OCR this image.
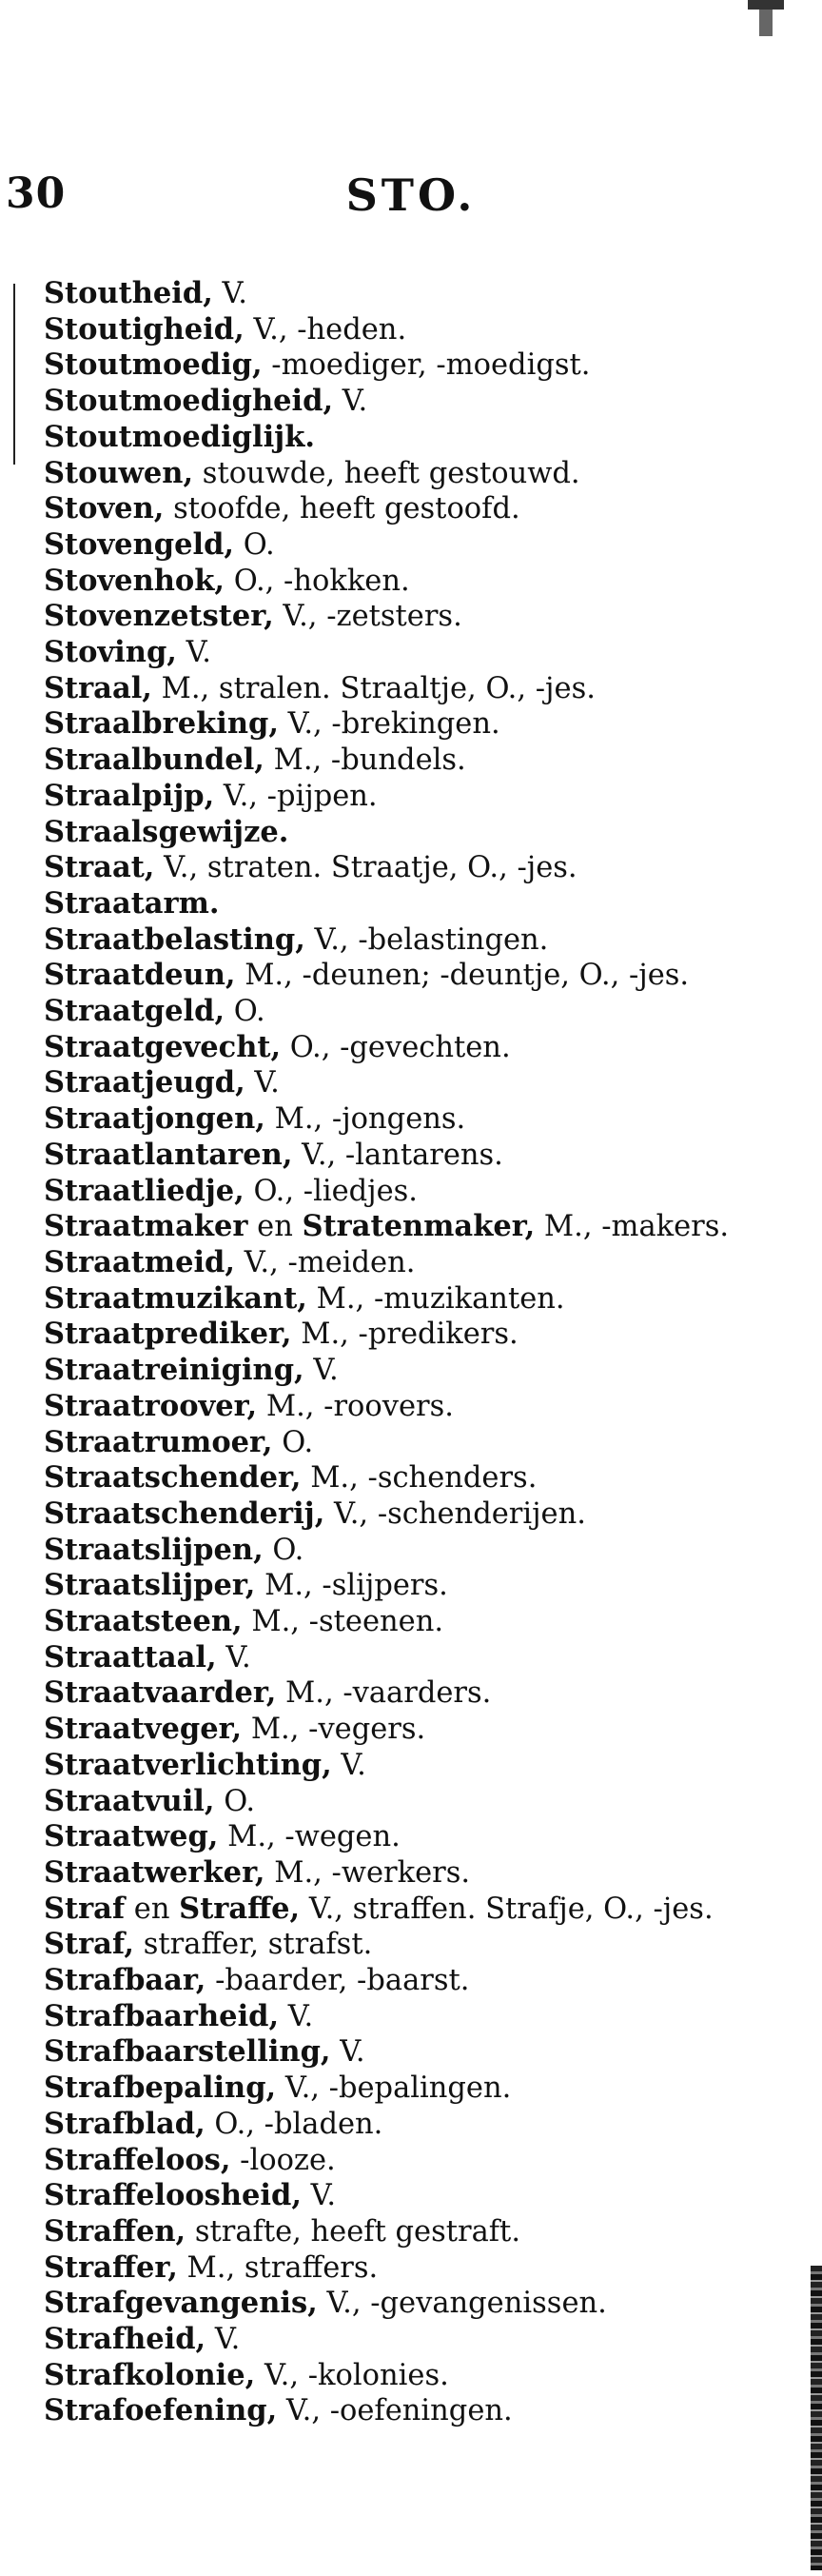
30	STO.
Stoutheid, V.
Stoutigheid, V., -heden.
Stoutmoedig, -moediger, -moedigst.
Stoutmoedigheid, V.
Stoutmoediglijk.
Stouwen, stouwde, heeft gestouwd.
Stoven, stoofde, heeft gestoofd.
Stovengeld, O.
Stovenhok, O., -hokken.
Stovenzetster, V., -zetsters.
Stoving, V.
Straal, M., stralen. Straaltje, O., -jes.
Straalbreking, V., -brekingen.
Straalbundel, M., -bundels.
Straalpijp, V., -pijpen.
Straalsgewijze.
Straat, V., straten. Straatje, O., -jes.
Straatarm.
Straatbelasting, V., -belastingen.
Straatdeun, M., -deunen; -deuntje, O., -jes.
Straatgeld, O.
Straatgevecht, O., -gevechten.
Straatjeugd, V.
Straatjongen, M., -jongens.
Straatlantaren, V., -lantarens.
Straatliedje, O., -liedjes.
Straatmaker en Stratenmaker, M., -makers.
Straatmeid, V., -meiden.
Straatmuzikant, M., -muzikanten.
Straatprediker, M., -predikers.
Straatreiniging, V.
Straatroover, M., -roovers.
Straatrumoer, O.
Straatschender, M., -schenders.
Straatschenderij, V., -schenderijen.
Straatslijpen, O.
Straatslijper, M., -slijpers.
Straatsteen, M., -steenen.
Straattaal, V.
Straatvaarder, M., -vaarders.
Straatveger, M., -vegers.
Straatverlichting, V.
Straatvuil, O.
Straatweg, M., -wegen.
Straatwerker, M., -werkers.
Straf en Straffe, V., straffen. Strafje, O., -jes.
Straf, straffer, strafst.
Strafbaar, -baarder, -baarst.
Strafbaarheid, V.
Strafbaarstelling, V.
Strafbepaling, V., -bepalingen.
Strafblad, O., -bladen.
Straffeloos, -looze.
Straffeloosheid, V.
Straffen, strafte, heeft gestraft.
Straffer, M., straffers.
Strafgevangenis, V., -gevangenissen.
Strafheid, V.
Strafkolonie, V., -kolonies.
Strafoefening, V., -oefeningen.
